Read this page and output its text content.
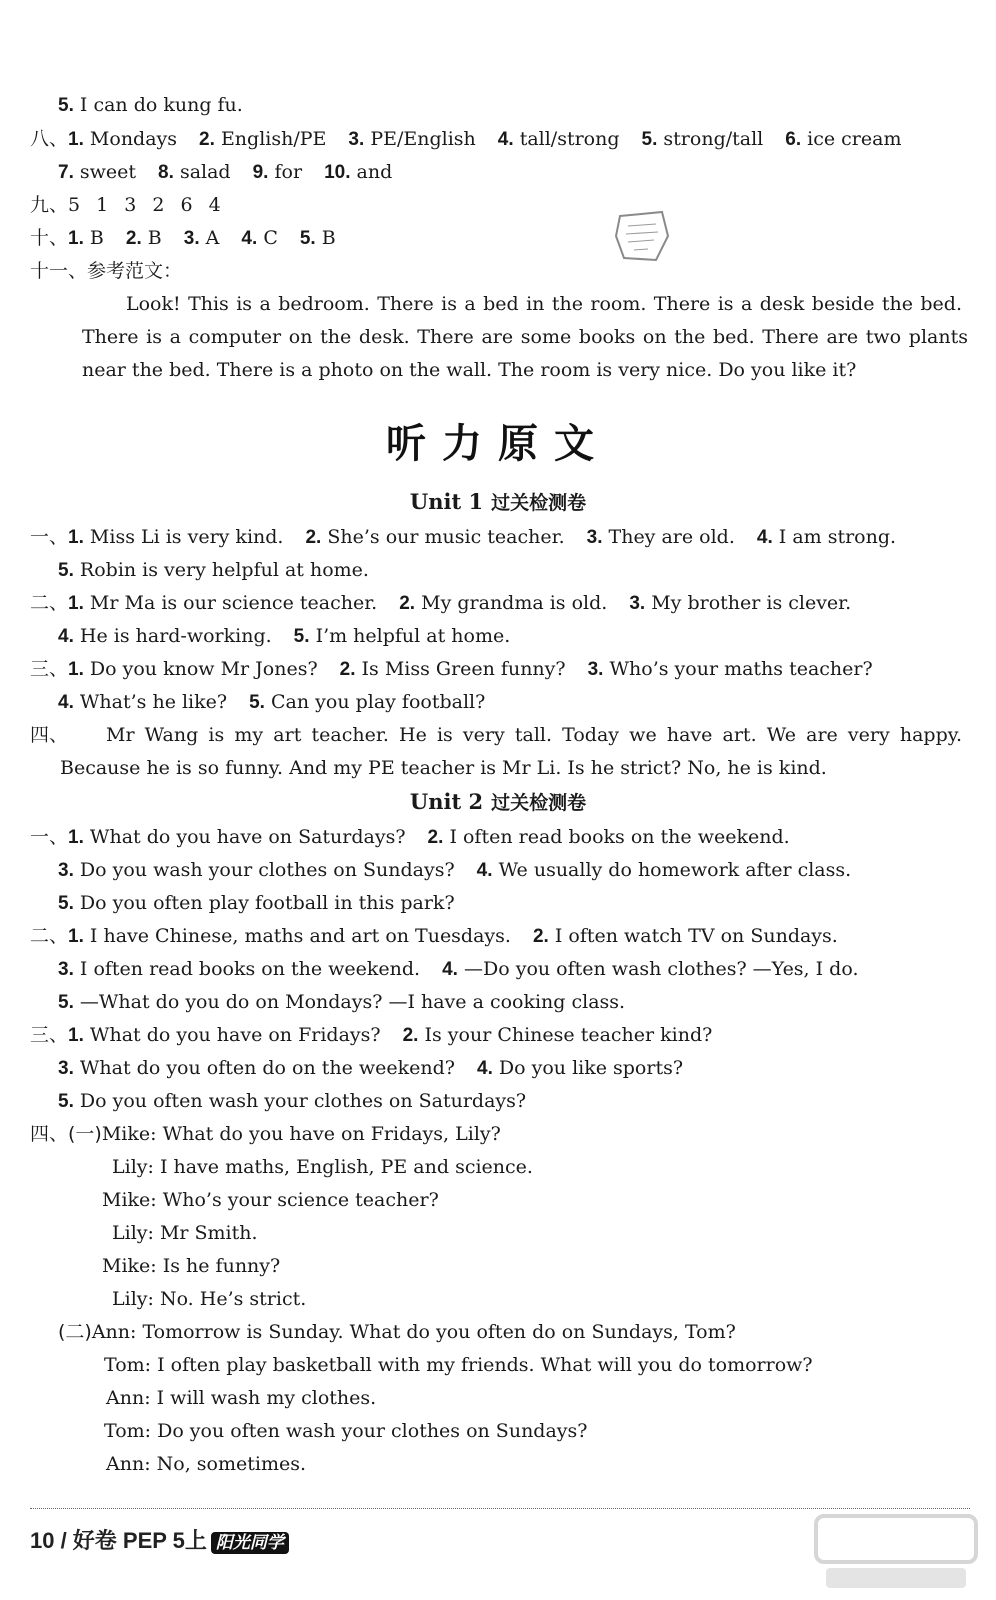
5. I can do kung fu.
八、1. Mondays 2. English/PE 3. PE/English 4. tall/strong 5. strong/tall 6. ice cream
7. sweet 8. salad 9. for 10. and
九、5 1 3 2 6 4
十、1. B 2. B 3. A 4. C 5. B
十一、参考范文：
Look! This is a bedroom. There is a bed in the room. There is a desk beside the bed.
There is a computer on the desk. There are some books on the bed. There are two plants
near the bed. There is a photo on the wall. The room is very nice. Do you like it?
听力原文
Unit 1 过关检测卷
一、1. Miss Li is very kind. 2. She’s our music teacher. 3. They are old. 4. I am strong.
5. Robin is very helpful at home.
二、1. Mr Ma is our science teacher. 2. My grandma is old. 3. My brother is clever.
4. He is hard-working. 5. I’m helpful at home.
三、1. Do you know Mr Jones? 2. Is Miss Green funny? 3. Who’s your maths teacher?
4. What’s he like? 5. Can you play football?
四、 Mr Wang is my art teacher. He is very tall. Today we have art. We are very happy.
Because he is so funny. And my PE teacher is Mr Li. Is he strict? No, he is kind.
Unit 2 过关检测卷
一、1. What do you have on Saturdays? 2. I often read books on the weekend.
3. Do you wash your clothes on Sundays? 4. We usually do homework after class.
5. Do you often play football in this park?
二、1. I have Chinese, maths and art on Tuesdays. 2. I often watch TV on Sundays.
3. I often read books on the weekend. 4. —Do you often wash clothes? —Yes, I do.
5. —What do you do on Mondays? —I have a cooking class.
三、1. What do you have on Fridays? 2. Is your Chinese teacher kind?
3. What do you often do on the weekend? 4. Do you like sports?
5. Do you often wash your clothes on Saturdays?
四、(一)Mike: What do you have on Fridays, Lily?
Lily: I have maths, English, PE and science.
Mike: Who’s your science teacher?
Lily: Mr Smith.
Mike: Is he funny?
Lily: No. He’s strict.
(二)Ann: Tomorrow is Sunday. What do you often do on Sundays, Tom?
Tom: I often play basketball with my friends. What will you do tomorrow?
Ann: I will wash my clothes.
Tom: Do you often wash your clothes on Sundays?
Ann: No, sometimes.
10 / 好卷 PEP 5上 阳光同学
